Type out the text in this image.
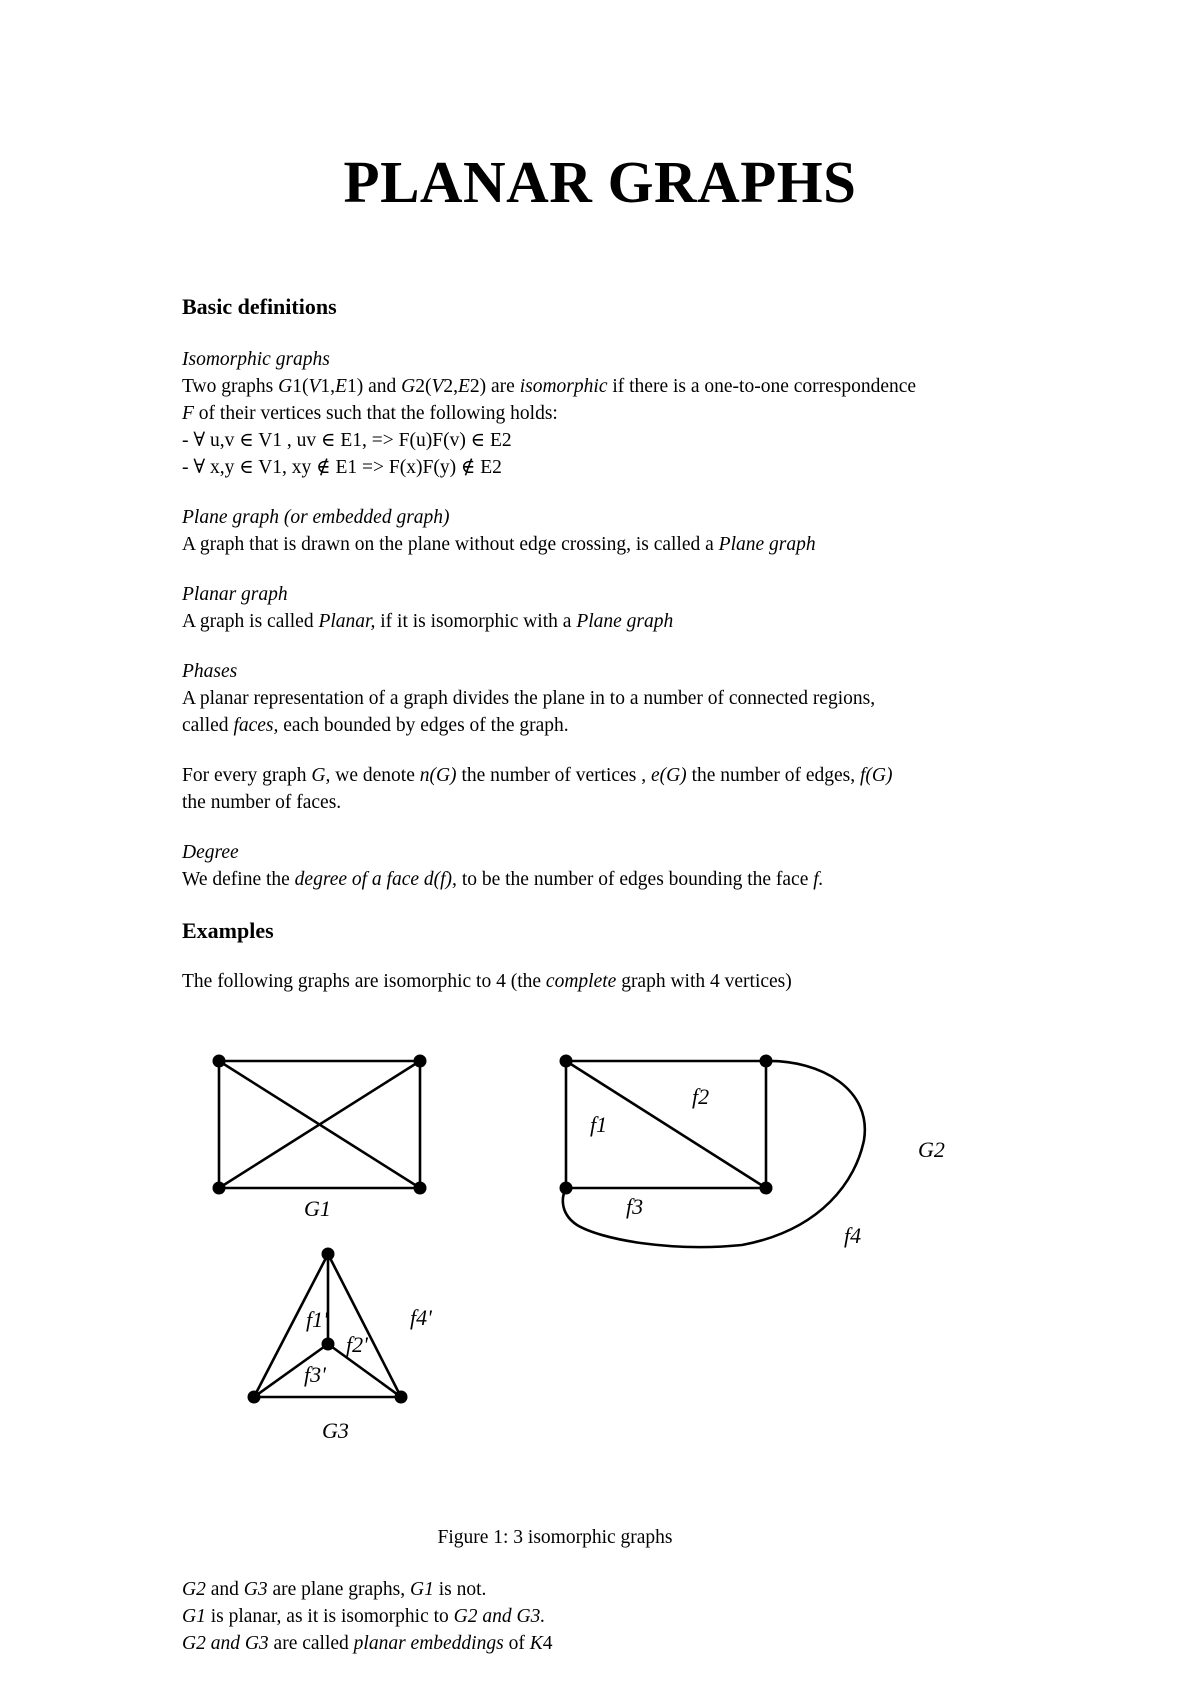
PLANAR GRAPHS
Basic definitions

Isomorphic graphs

Two graphs G1(V1,E1) and G2(V2,E2) are isomorphic if there is a one-to-one correspondence

F of their vertices such that the following holds:

- ∀ u,v ∈ V1 , uv ∈ E1, => F(u)F(v) ∈ E2

- ∀ x,y ∈ V1, xy ∉ E1 => F(x)F(y) ∉ E2

Plane graph (or embedded graph)

A graph that is drawn on the plane without edge crossing, is called a Plane graph

Planar graph

A graph is called Planar, if it is isomorphic with a Plane graph

Phases

A planar representation of a graph divides the plane in to a number of connected regions,

called faces, each bounded by edges of the graph.

For every graph G, we denote n(G) the number of vertices , e(G) the number of edges, f(G)

the number of faces.

Degree

We define the degree of a face d(f), to be the number of edges bounding the face f.

Examples

The following graphs are isomorphic to 4 (the complete graph with 4 vertices)

G1
G2
G3
f1
f2
f3
f4
f1'
f2'
f3'
f4'
Figure 1: 3 isomorphic graphs

G2 and G3 are plane graphs, G1 is not.

G1 is planar, as it is isomorphic to G2 and G3.

G2 and G3 are called planar embeddings of K4
